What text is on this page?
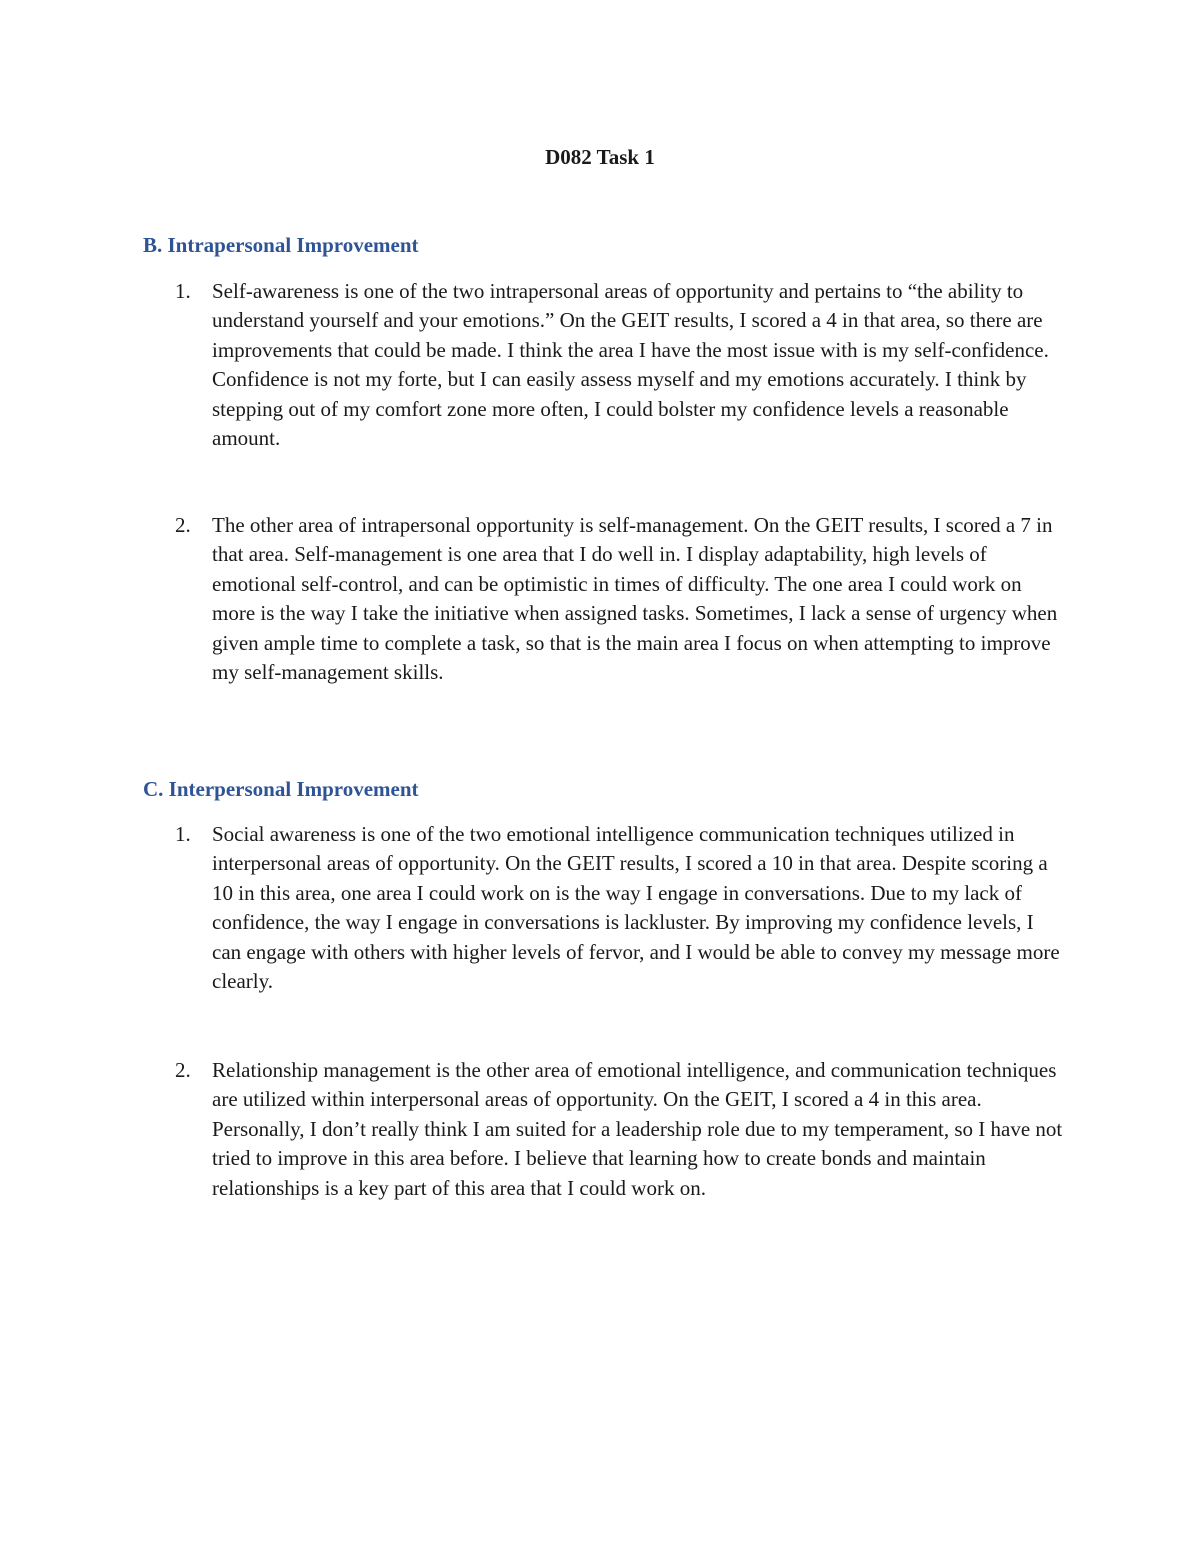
D082 Task 1
B. Intrapersonal Improvement
1.	Self-awareness is one of the two intrapersonal areas of opportunity and pertains to “the ability to understand yourself and your emotions.” On the GEIT results, I scored a 4 in that area, so there are improvements that could be made. I think the area I have the most issue with is my self-confidence. Confidence is not my forte, but I can easily assess myself and my emotions accurately. I think by stepping out of my comfort zone more often, I could bolster my confidence levels a reasonable amount.

2.	The other area of intrapersonal opportunity is self-management. On the GEIT results, I scored a 7 in that area. Self-management is one area that I do well in. I display adaptability, high levels of emotional self-control, and can be optimistic in times of difficulty. The one area I could work on more is the way I take the initiative when assigned tasks. Sometimes, I lack a sense of urgency when given ample time to complete a task, so that is the main area I focus on when attempting to improve my self-management skills.

C. Interpersonal Improvement
1.	Social awareness is one of the two emotional intelligence communication techniques utilized in interpersonal areas of opportunity. On the GEIT results, I scored a 10 in that area. Despite scoring a 10 in this area, one area I could work on is the way I engage in conversations. Due to my lack of confidence, the way I engage in conversations is lackluster. By improving my confidence levels, I can engage with others with higher levels of fervor, and I would be able to convey my message more clearly.

2.	Relationship management is the other area of emotional intelligence, and communication techniques are utilized within interpersonal areas of opportunity. On the GEIT, I scored a 4 in this area. Personally, I don’t really think I am suited for a leadership role due to my temperament, so I have not tried to improve in this area before. I believe that learning how to create bonds and maintain relationships is a key part of this area that I could work on.
